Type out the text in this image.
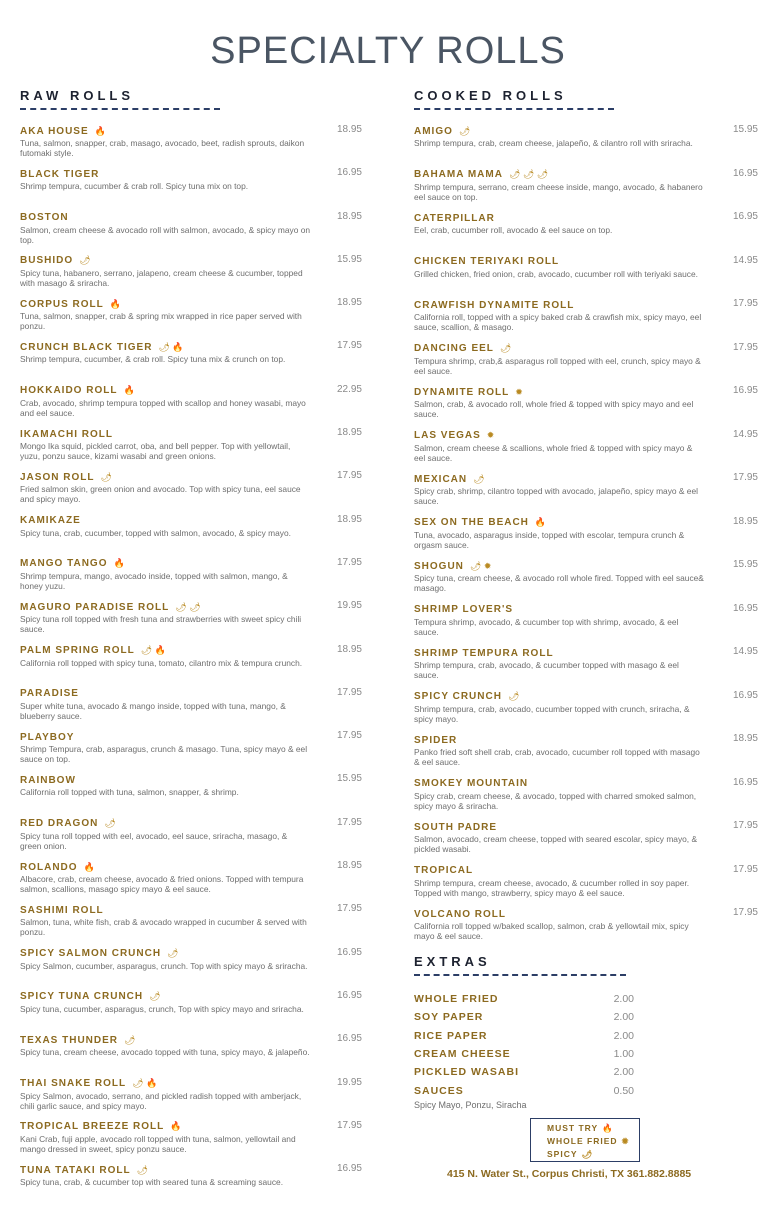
SPECIALTY ROLLS
RAW ROLLS
AKA HOUSE 🔥	18.95
Tuna, salmon, snapper, crab, masago, avocado, beet, radish sprouts, daikon futomaki style.
BLACK TIGER	16.95
Shrimp tempura, cucumber & crab roll. Spicy tuna mix on top.
BOSTON	18.95
Salmon, cream cheese & avocado roll with salmon, avocado, & spicy mayo on top.
BUSHIDO 🌶	15.95
Spicy tuna, habanero, serrano, jalapeno, cream cheese & cucumber, topped with masago & sriracha.
CORPUS ROLL 🔥	18.95
Tuna, salmon, snapper, crab & spring mix wrapped in rice paper served with ponzu.
CRUNCH BLACK TIGER 🌶 🔥	17.95
Shrimp tempura, cucumber, & crab roll. Spicy tuna mix & crunch on top.
HOKKAIDO ROLL 🔥	22.95
Crab, avocado, shrimp tempura topped with scallop and honey wasabi, mayo and eel sauce.
IKAMACHI ROLL	18.95
Mongo Ika squid, pickled carrot, oba, and bell pepper. Top with yellowtail, yuzu, ponzu sauce, kizami wasabi and green onions.
JASON ROLL 🌶	17.95
Fried salmon skin, green onion and avocado. Top with spicy tuna, eel sauce and spicy mayo.
KAMIKAZE	18.95
Spicy tuna, crab, cucumber, topped with salmon, avocado, & spicy mayo.
MANGO TANGO 🔥	17.95
Shrimp tempura, mango, avocado inside, topped with salmon, mango, & honey yuzu.
MAGURO PARADISE ROLL 🌶 🌶	19.95
Spicy tuna roll topped with fresh tuna and strawberries with sweet spicy chili sauce.
PALM SPRING ROLL 🌶 🔥	18.95
California roll topped with spicy tuna, tomato, cilantro mix & tempura crunch.
PARADISE	17.95
Super white tuna, avocado & mango inside, topped with tuna, mango, & blueberry sauce.
PLAYBOY	17.95
Shrimp Tempura, crab, asparagus, crunch & masago. Tuna, spicy mayo & eel sauce on top.
RAINBOW	15.95
California roll topped with tuna, salmon, snapper, & shrimp.
RED DRAGON 🌶	17.95
Spicy tuna roll topped with eel, avocado, eel sauce, sriracha, masago, & green onion.
ROLANDO 🔥	18.95
Albacore, crab, cream cheese, avocado & fried onions. Topped with tempura salmon, scallions, masago spicy mayo & eel sauce.
SASHIMI ROLL	17.95
Salmon, tuna, white fish, crab & avocado wrapped in cucumber & served with ponzu.
SPICY SALMON CRUNCH 🌶	16.95
Spicy Salmon, cucumber, asparagus, crunch. Top with spicy mayo & sriracha.
SPICY TUNA CRUNCH 🌶	16.95
Spicy tuna, cucumber, asparagus, crunch, Top with spicy mayo and sriracha.
TEXAS THUNDER 🌶	16.95
Spicy tuna, cream cheese, avocado topped with tuna, spicy mayo, & jalapeño.
THAI SNAKE ROLL 🌶 🔥	19.95
Spicy Salmon, avocado, serrano, and pickled radish topped with amberjack, chili garlic sauce, and spicy mayo.
TROPICAL BREEZE ROLL 🔥	17.95
Kani Crab, fuji apple, avocado roll topped with tuna, salmon, yellowtail and mango dressed in sweet, spicy ponzu sauce.
TUNA TATAKI ROLL 🌶	16.95
Spicy tuna, crab, & cucumber top with seared tuna & screaming sauce.
COOKED ROLLS
AMIGO 🌶	15.95
Shrimp tempura, crab, cream cheese, jalapeño, & cilantro roll with sriracha.
BAHAMA MAMA 🌶 🌶 🌶	16.95
Shrimp tempura, serrano, cream cheese inside, mango, avocado, & habanero eel sauce on top.
CATERPILLAR	16.95
Eel, crab, cucumber roll, avocado & eel sauce on top.
CHICKEN TERIYAKI ROLL	14.95
Grilled chicken, fried onion, crab, avocado, cucumber roll with teriyaki sauce.
CRAWFISH DYNAMITE ROLL	17.95
California roll, topped with a spicy baked crab & crawfish mix, spicy mayo, eel sauce, scallion, & masago.
DANCING EEL 🌶	17.95
Tempura shrimp, crab,& asparagus roll topped with eel, crunch, spicy mayo & eel sauce.
DYNAMITE ROLL ✹	16.95
Salmon, crab, & avocado roll, whole fried & topped with spicy mayo and eel sauce.
LAS VEGAS ✹	14.95
Salmon, cream cheese & scallions, whole fried & topped with spicy mayo & eel sauce.
MEXICAN 🌶	17.95
Spicy crab, shrimp, cilantro topped with avocado, jalapeño, spicy mayo & eel sauce.
SEX ON THE BEACH 🔥	18.95
Tuna, avocado, asparagus inside, topped with escolar, tempura crunch & orgasm sauce.
SHOGUN 🌶 ✹	15.95
Spicy tuna, cream cheese, & avocado roll whole fired. Topped with eel sauce& masago.
SHRIMP LOVER'S	16.95
Tempura shrimp, avocado, & cucumber top with shrimp, avocado, & eel sauce.
SHRIMP TEMPURA ROLL	14.95
Shrimp tempura, crab, avocado, & cucumber topped with masago & eel sauce.
SPICY CRUNCH 🌶	16.95
Shrimp tempura, crab, avocado, cucumber topped with crunch, sriracha, & spicy mayo.
SPIDER	18.95
Panko fried soft shell crab, crab, avocado, cucumber roll topped with masago & eel sauce.
SMOKEY MOUNTAIN	16.95
Spicy crab, cream cheese, & avocado, topped with charred smoked salmon, spicy mayo & sriracha.
SOUTH PADRE	17.95
Salmon, avocado, cream cheese, topped with seared escolar, spicy mayo, & pickled wasabi.
TROPICAL	17.95
Shrimp tempura, cream cheese, avocado, & cucumber rolled in soy paper. Topped with mango, strawberry, spicy mayo & eel sauce.
VOLCANO ROLL	17.95
California roll topped w/baked scallop, salmon, crab & yellowtail mix, spicy mayo & eel sauce.
EXTRAS
WHOLE FRIED	2.00
SOY PAPER	2.00
RICE PAPER	2.00
CREAM CHEESE	1.00
PICKLED WASABI	2.00
SAUCES	0.50
Spicy Mayo, Ponzu, Siracha
MUST TRY 🔥
WHOLE FRIED ✹
SPICY 🌶
415 N. Water St., Corpus Christi, TX 361.882.8885
